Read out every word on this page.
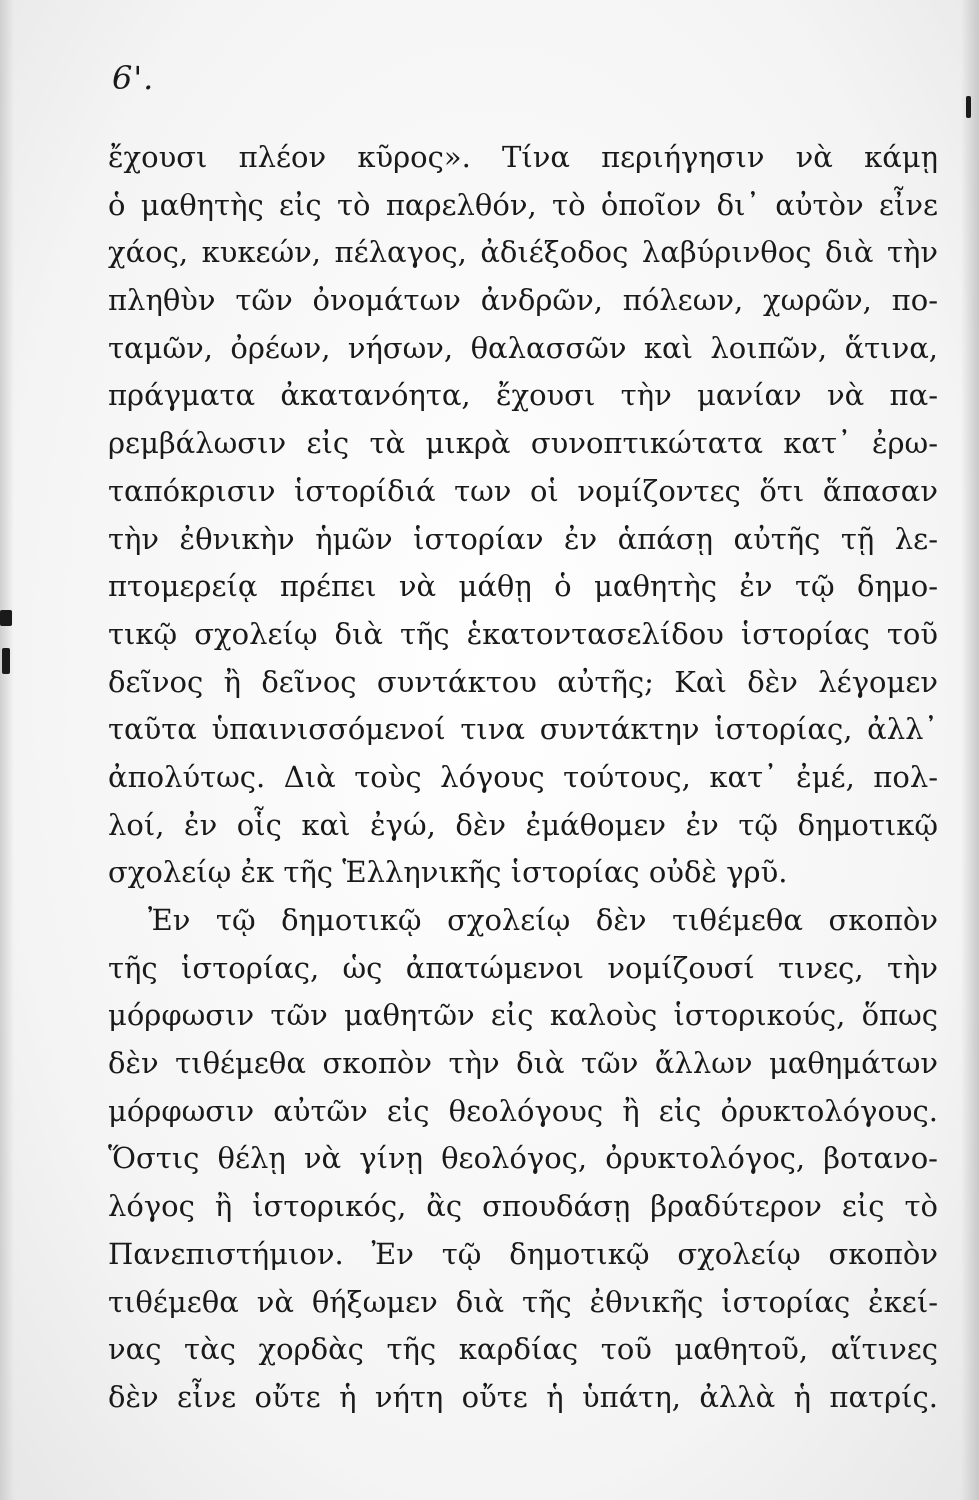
6'.
ἔχουσι πλέον κῦρος». Τίνα περιήγησιν νὰ κάμῃ
ὁ μαθητὴς εἰς τὸ παρελθόν, τὸ ὁποῖον δι᾽ αὐτὸν εἶνε
χάος, κυκεών, πέλαγος, ἀδιέξοδος λαβύρινθος διὰ τὴν
πληθὺν τῶν ὀνομάτων ἀνδρῶν, πόλεων, χωρῶν, πο-
ταμῶν, ὀρέων, νήσων, θαλασσῶν καὶ λοιπῶν, ἅτινα,
πράγματα ἀκατανόητα, ἔχουσι τὴν μανίαν νὰ πα-
ρεμβάλωσιν εἰς τὰ μικρὰ συνοπτικώτατα κατ᾽ ἐρω-
ταπόκρισιν ἱστορίδιά των οἱ νομίζοντες ὅτι ἅπασαν
τὴν ἐθνικὴν ἡμῶν ἱστορίαν ἐν ἁπάσῃ αὐτῆς τῇ λε-
πτομερείᾳ πρέπει νὰ μάθῃ ὁ μαθητὴς ἐν τῷ δημο-
τικῷ σχολείῳ διὰ τῆς ἑκατοντασελίδου ἱστορίας τοῦ
δεῖνος ἢ δεῖνος συντάκτου αὐτῆς; Καὶ δὲν λέγομεν
ταῦτα ὑπαινισσόμενοί τινα συντάκτην ἱστορίας, ἀλλ᾽
ἀπολύτως. Διὰ τοὺς λόγους τούτους, κατ᾽ ἐμέ, πολ-
λοί, ἐν οἷς καὶ ἐγώ, δὲν ἐμάθομεν ἐν τῷ δημοτικῷ
σχολείῳ ἐκ τῆς Ἑλληνικῆς ἱστορίας οὐδὲ γρῦ.
Ἐν τῷ δημοτικῷ σχολείῳ δὲν τιθέμεθα σκοπὸν
τῆς ἱστορίας, ὡς ἀπατώμενοι νομίζουσί τινες, τὴν
μόρφωσιν τῶν μαθητῶν εἰς καλοὺς ἱστορικούς, ὅπως
δὲν τιθέμεθα σκοπὸν τὴν διὰ τῶν ἄλλων μαθημάτων
μόρφωσιν αὐτῶν εἰς θεολόγους ἢ εἰς ὀρυκτολόγους.
Ὅστις θέλῃ νὰ γίνῃ θεολόγος, ὀρυκτολόγος, βοτανο-
λόγος ἢ ἱστορικός, ἂς σπουδάσῃ βραδύτερον εἰς τὸ
Πανεπιστήμιον. Ἐν τῷ δημοτικῷ σχολείῳ σκοπὸν
τιθέμεθα νὰ θήξωμεν διὰ τῆς ἐθνικῆς ἱστορίας ἐκεί-
νας τὰς χορδὰς τῆς καρδίας τοῦ μαθητοῦ, αἵτινες
δὲν εἶνε οὔτε ἡ νήτη οὔτε ἡ ὑπάτη, ἀλλὰ ἡ πατρίς.
